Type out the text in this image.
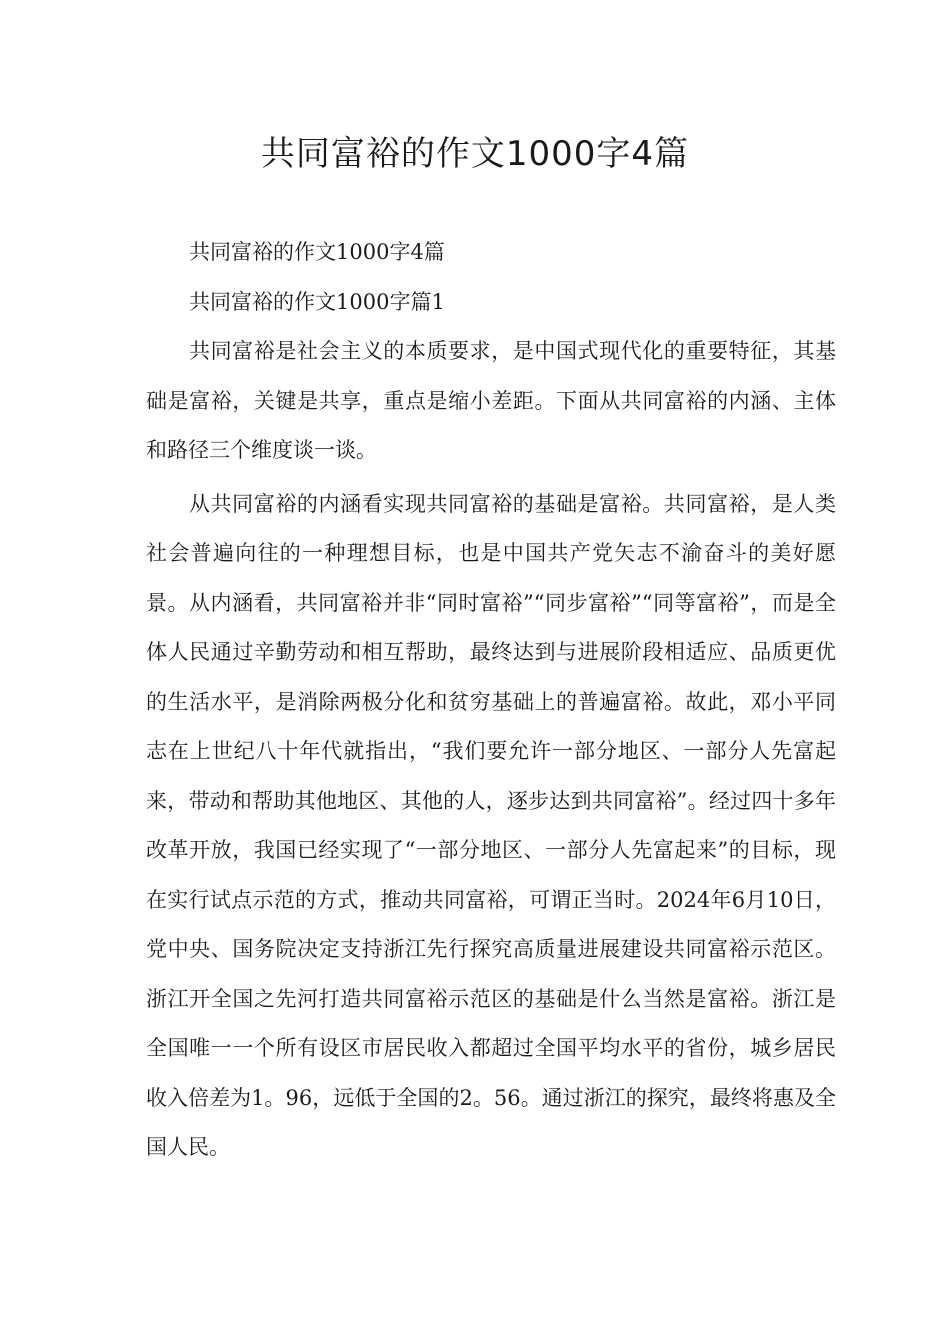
共同富裕的作文1000字4篇

共同富裕的作文1000字4篇

共同富裕的作文1000字篇1

共同富裕是社会主义的本质要求，是中国式现代化的重要特征，其基础是富裕，关键是共享，重点是缩小差距。下面从共同富裕的内涵、主体和路径三个维度谈一谈。

从共同富裕的内涵看实现共同富裕的基础是富裕。共同富裕，是人类社会普遍向往的一种理想目标，也是中国共产党矢志不渝奋斗的美好愿景。从内涵看，共同富裕并非“同时富裕”“同步富裕”“同等富裕”，而是全体人民通过辛勤劳动和相互帮助，最终达到与进展阶段相适应、品质更优的生活水平，是消除两极分化和贫穷基础上的普遍富裕。故此，邓小平同志在上世纪八十年代就指出，“我们要允许一部分地区、一部分人先富起来，带动和帮助其他地区、其他的人，逐步达到共同富裕”。经过四十多年改革开放，我国已经实现了“一部分地区、一部分人先富起来”的目标，现在实行试点示范的方式，推动共同富裕，可谓正当时。2024年6月10日，党中央、国务院决定支持浙江先行探究高质量进展建设共同富裕示范区。浙江开全国之先河打造共同富裕示范区的基础是什么当然是富裕。浙江是全国唯一一个所有设区市居民收入都超过全国平均水平的省份，城乡居民收入倍差为1。96，远低于全国的2。56。通过浙江的探究，最终将惠及全国人民。
